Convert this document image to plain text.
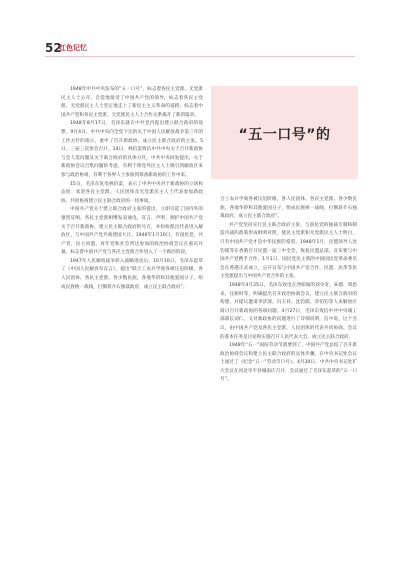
52
红色记忆

1948年中共中央发布的“五一口号”，标志着各民主党派、无党派民主人士公开、自觉地接受了中国共产党的领导，标志着各民主党派、无党派民主人士坚定地走上了新民主主义革命的道路，标志着中国共产党和各民主党派、无党派民主人士合作关系揭开了新的篇章。

1948年8月17日，毛泽东就在中共党内提出建立联合政府的设想。9月4日，中共中央向全党下达的关于中国人民解放战争第三年的工作方针的指示，重申了召开新政协、成立民主联合政府的主张。5日、三届三次参会召开。14日，林伯渠致信中共中央关于召开新政协与会人选问题及关于联合政府的具体方针。中共中央回复提出，关于新政协会议召集问题的考虑，有利于将党外民主人士吸引到解放区来参与政治协商，有利于各界人士参加到筹备新政协的工作中来。

15日，毛泽东复电林伯渠，表示了中共中央对于新政协的立场和态度：欢迎各民主党派、人民团体及无党派民主人士代表参加新政协、共同协商建立民主联合政府的一切事项。

中国共产党关于建立联合政府主张的提出，立即引起了国内外的强烈反响。各民主党派相继发表通电、宣言、声明，拥护中国共产党关于召开新政协、建立民主联合政府的号召，并纷纷派出代表进入解放区，与中国共产党共商建国大计。1946年1月10日，有国民党、共产党、民主同盟、青年党和社会贤达参加的政治协商会议在重庆开幕，标志着中国共产党与各民主党派合作进入了一个新的阶段。

1947年人民解放战争转入战略进攻后，10月10日，毛泽东起草了《中国人民解放军宣言》，提出“联合工农兵学商各被压迫阶级、各人民团体、各民主党派、各少数民族、各地华侨和其他爱国分子，组成民族统一战线，打倒蒋介石独裁政府，成立民主联合政府”。

“五一口号”的

合工农兵学商各被压迫阶级、各人民团体、各民主党派、各少数民族、各地华侨和其他爱国分子，组成民族统一战线，打倒蒋介石独裁政府，成立民主联合政府”。

共产党坚持实行民主联合政府主张，与国民党的独裁专制和制造内战的政策形成鲜明对照，使民主党派和无党派民主人士明白，只有中国共产党才是中华民族的希望。1948年1月，民盟领导人沈钧儒等在香港召开民盟一届三中全会，恢复民盟总部，宣布要与中国共产党携手合作。1月1日，国民党民主派的中国国民党革命委员会在香港正式成立，公开宣布与中国共产党合作，民盟、民革等民主党派提出与中国共产党合作的主张。

1948年4月25日，毛泽东致电在西柏坡的刘少奇、朱德、周恩来、任弼时等，明确提出召开政治协商会议，建立民主联合政府的构想，并提议邀请李济深、冯玉祥、沈钧儒、章伯钧等人来解放区商讨召开新政协的各项问题。4月27日，毛泽东致信中共中央城工部部长刘仁，又对新政协的问题进行了详细说明，信中说，这个会议，由中国共产党及各民主党派、人民团体的代表共同协商。会议的基本任务是讨论和实施召开人民代表大会、成立民主联合政府。

1948年“五一”国际劳动节就要到了，中国共产党总结了召开新政治协商会议和建立民主联合政府的具体步骤，在中央书记处会议上通过了《纪念“五一”劳动节口号》。4月30日，中共中央书记处扩大会议在河北阜平县城南庄召开，会议通过了毛泽东起草的“五一口号”。
